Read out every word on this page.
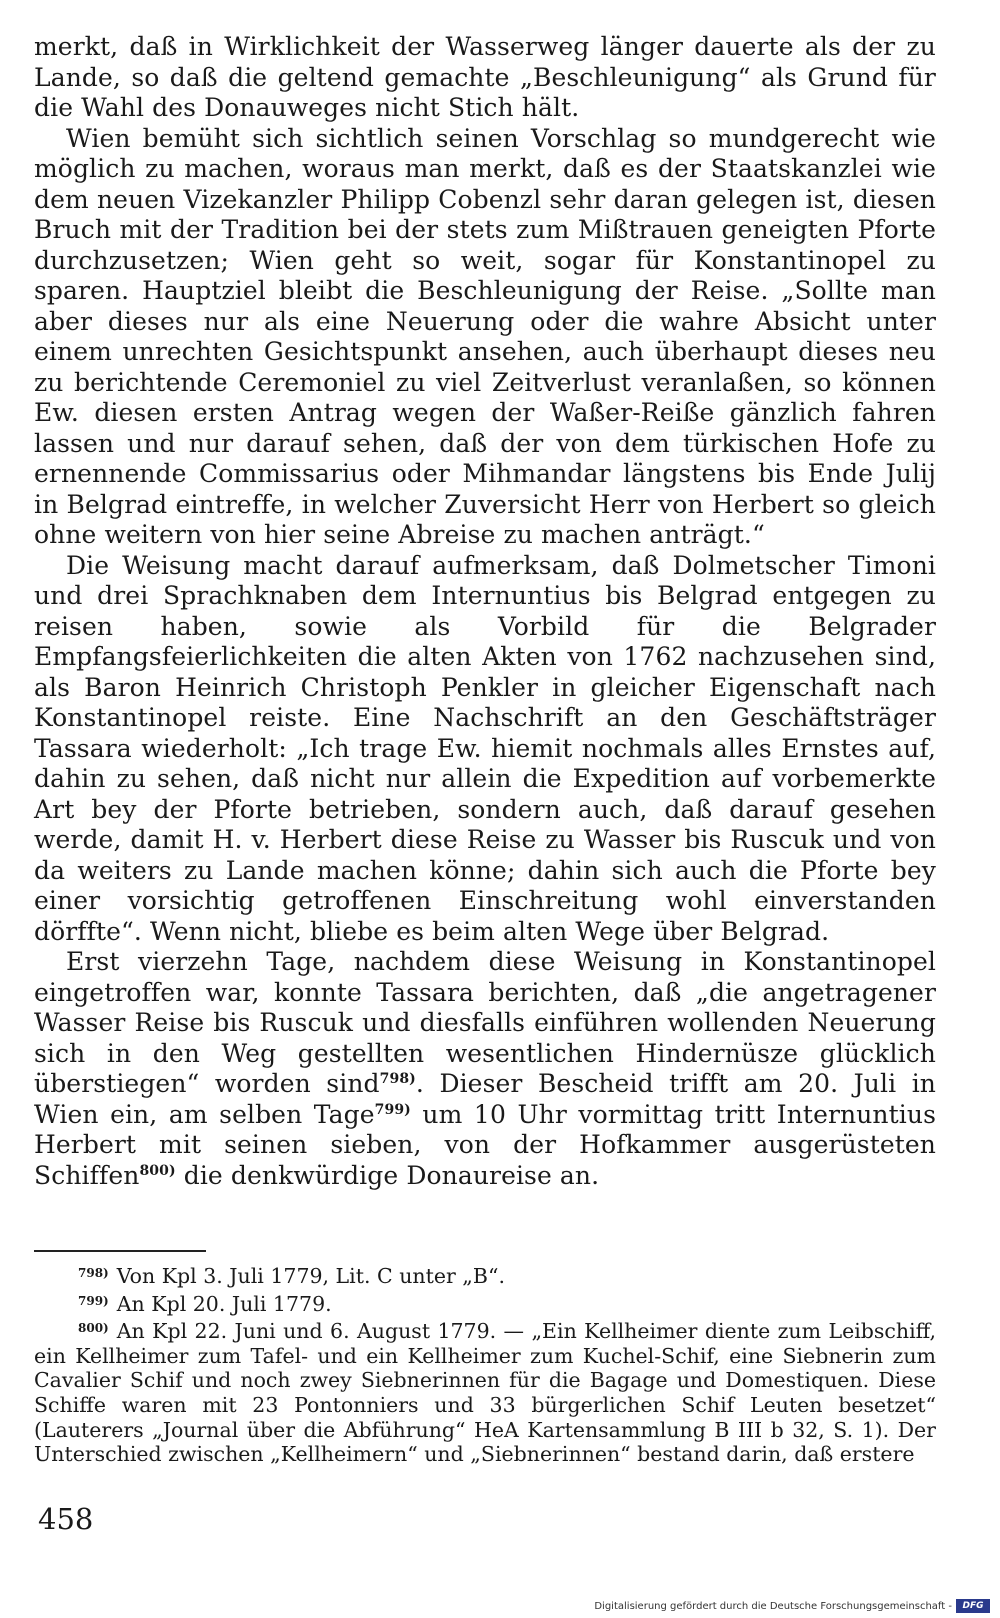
merkt, daß in Wirklichkeit der Wasserweg länger dauerte als der zu Lande, so daß die geltend gemachte „Beschleunigung“ als Grund für die Wahl des Donauweges nicht Stich hält.

Wien bemüht sich sichtlich seinen Vorschlag so mundgerecht wie möglich zu machen, woraus man merkt, daß es der Staatskanzlei wie dem neuen Vizekanzler Philipp Cobenzl sehr daran gelegen ist, diesen Bruch mit der Tradition bei der stets zum Mißtrauen geneigten Pforte durchzusetzen; Wien geht so weit, sogar für Konstantinopel zu sparen. Hauptziel bleibt die Beschleunigung der Reise. „Sollte man aber dieses nur als eine Neuerung oder die wahre Absicht unter einem unrechten Gesichtspunkt ansehen, auch überhaupt dieses neu zu berichtende Ceremoniel zu viel Zeitverlust veranlaßen, so können Ew. diesen ersten Antrag wegen der Waßer-Reiße gänzlich fahren lassen und nur darauf sehen, daß der von dem türkischen Hofe zu ernennende Commissarius oder Mihmandar längstens bis Ende Julij in Belgrad eintreffe, in welcher Zuversicht Herr von Herbert so gleich ohne weitern von hier seine Abreise zu machen anträgt.“

Die Weisung macht darauf aufmerksam, daß Dolmetscher Timoni und drei Sprachknaben dem Internuntius bis Belgrad entgegen zu reisen haben, sowie als Vorbild für die Belgrader Empfangsfeierlichkeiten die alten Akten von 1762 nachzusehen sind, als Baron Heinrich Christoph Penkler in gleicher Eigenschaft nach Konstantinopel reiste. Eine Nachschrift an den Geschäftsträger Tassara wiederholt: „Ich trage Ew. hiemit nochmals alles Ernstes auf, dahin zu sehen, daß nicht nur allein die Expedition auf vorbemerkte Art bey der Pforte betrieben, sondern auch, daß darauf gesehen werde, damit H. v. Herbert diese Reise zu Wasser bis Ruscuk und von da weiters zu Lande machen könne; dahin sich auch die Pforte bey einer vorsichtig getroffenen Einschreitung wohl einverstanden dörffte“. Wenn nicht, bliebe es beim alten Wege über Belgrad.

Erst vierzehn Tage, nachdem diese Weisung in Konstantinopel eingetroffen war, konnte Tassara berichten, daß „die angetragener Wasser Reise bis Ruscuk und diesfalls einführen wollenden Neuerung sich in den Weg gestellten wesentlichen Hindernüsze glücklich überstiegen“ worden sind$^{798)}$. Dieser Bescheid trifft am 20. Juli in Wien ein, am selben Tage$^{799)}$ um 10 Uhr vormittag tritt Internuntius Herbert mit seinen sieben, von der Hofkammer ausgerüsteten Schiffen$^{800)}$ die denkwürdige Donaureise an.

$^{798)}$ Von Kpl 3. Juli 1779, Lit. C unter „B“.

$^{799)}$ An Kpl 20. Juli 1779.

$^{800)}$ An Kpl 22. Juni und 6. August 1779. — „Ein Kellheimer diente zum Leibschiff, ein Kellheimer zum Tafel- und ein Kellheimer zum Kuchel-Schif, eine Siebnerin zum Cavalier Schif und noch zwey Siebnerinnen für die Bagage und Domestiquen. Diese Schiffe waren mit 23 Pontonniers und 33 bürgerlichen Schif Leuten besetzet“ (Lauterers „Journal über die Abführung“ HeA Kartensammlung B III b 32, S. 1). Der Unterschied zwischen „Kellheimern“ und „Siebnerinnen“ bestand darin, daß erstere

458
Digitalisierung gefördert durch die Deutsche Forschungsgemeinschaft -	DFG
